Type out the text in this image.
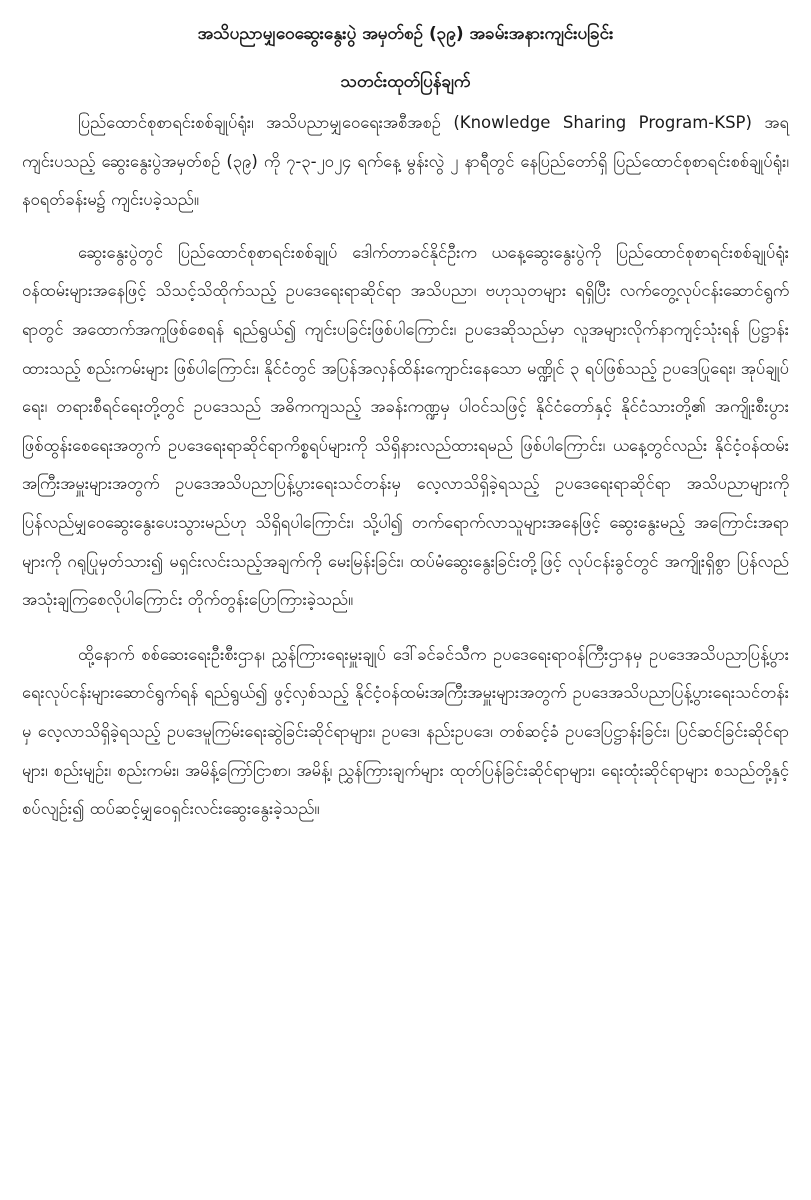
အသိပညာမျှဝေဆွေးနွေးပွဲ အမှတ်စဉ် (၃၉) အခမ်းအနားကျင်းပခြင်း
သတင်းထုတ်ပြန်ချက်

ပြည်ထောင်စုစာရင်းစစ်ချုပ်ရုံး၊ အသိပညာမျှဝေရေးအစီအစဉ် (Knowledge Sharing Program-KSP) အရ ကျင်းပသည့် ဆွေးနွေးပွဲအမှတ်စဉ် (၃၉) ကို ၇-၃-၂၀၂၄ ရက်နေ့ မွန်းလွဲ ၂ နာရီတွင် နေပြည်တော်ရှိ ပြည်ထောင်စုစာရင်းစစ်ချုပ်ရုံး၊ နဝရတ်ခန်းမ၌ ကျင်းပခဲ့သည်။

ဆွေးနွေးပွဲတွင် ပြည်ထောင်စုစာရင်းစစ်ချုပ် ဒေါက်တာခင်နိုင်ဦးက ယနေ့ဆွေးနွေးပွဲကို ပြည်ထောင်စုစာရင်းစစ်ချုပ်ရုံးဝန်ထမ်းများအနေဖြင့် သိသင့်သိထိုက်သည့် ဥပဒေရေးရာဆိုင်ရာ အသိပညာ၊ ဗဟုသုတများ ရရှိပြီး လက်တွေ့လုပ်ငန်းဆောင်ရွက်ရာတွင် အထောက်အကူဖြစ်စေရန် ရည်ရွယ်၍ ကျင်းပခြင်းဖြစ်ပါကြောင်း၊ ဥပဒေဆိုသည်မှာ လူအများလိုက်နာကျင့်သုံးရန် ပြဋ္ဌာန်းထားသည့် စည်းကမ်းများ ဖြစ်ပါကြောင်း၊ နိုင်ငံတွင် အပြန်အလှန်ထိန်းကျောင်းနေသော မဏ္ဍိုင် ၃ ရပ်ဖြစ်သည့် ဥပဒေပြုရေး၊ အုပ်ချုပ်ရေး၊ တရားစီရင်ရေးတို့တွင် ဥပဒေသည် အဓိကကျသည့် အခန်းကဏ္ဍမှ ပါဝင်သဖြင့် နိုင်ငံတော်နှင့် နိုင်ငံသားတို့၏ အကျိုးစီးပွားဖြစ်ထွန်းစေရေးအတွက် ဥပဒေရေးရာဆိုင်ရာကိစ္စရပ်များကို သိရှိနားလည်ထားရမည် ဖြစ်ပါကြောင်း၊ ယနေ့တွင်လည်း နိုင်ငံ့ဝန်ထမ်းအကြီးအမှူးများအတွက် ဥပဒေအသိပညာပြန့်ပွားရေးသင်တန်းမှ လေ့လာသိရှိခဲ့ရသည့် ဥပဒေရေးရာဆိုင်ရာ အသိပညာများကို ပြန်လည်မျှဝေဆွေးနွေးပေးသွားမည်ဟု သိရှိရပါကြောင်း၊ သို့ပါ၍ တက်ရောက်လာသူများအနေဖြင့် ဆွေးနွေးမည့် အကြောင်းအရာများကို ဂရုပြုမှတ်သား၍ မရှင်းလင်းသည့်အချက်ကို မေးမြန်းခြင်း၊ ထပ်မံဆွေးနွေးခြင်းတို့ဖြင့် လုပ်ငန်းခွင်တွင် အကျိုးရှိစွာ ပြန်လည်အသုံးချကြစေလိုပါကြောင်း တိုက်တွန်းပြောကြားခဲ့သည်။

ထို့နောက် စစ်ဆေးရေးဦးစီးဌာန၊ ညွှန်ကြားရေးမှူးချုပ် ဒေါ်ခင်ခင်သီက ဥပဒေရေးရာဝန်ကြီးဌာနမှ ဥပဒေအသိပညာပြန့်ပွားရေးလုပ်ငန်းများဆောင်ရွက်ရန် ရည်ရွယ်၍ ဖွင့်လှစ်သည့် နိုင်ငံ့ဝန်ထမ်းအကြီးအမှူးများအတွက် ဥပဒေအသိပညာပြန့်ပွားရေးသင်တန်းမှ လေ့လာသိရှိခဲ့ရသည့် ဥပဒေမူကြမ်းရေးဆွဲခြင်းဆိုင်ရာများ၊ ဥပဒေ၊ နည်းဥပဒေ၊ တစ်ဆင့်ခံ ဥပဒေပြဋ္ဌာန်းခြင်း၊ ပြင်ဆင်ခြင်းဆိုင်ရာများ၊ စည်းမျဉ်း၊ စည်းကမ်း၊ အမိန့်ကြော်ငြာစာ၊ အမိန့်၊ ညွှန်ကြားချက်များ ထုတ်ပြန်ခြင်းဆိုင်ရာများ၊ ရေးထုံးဆိုင်ရာများ စသည်တို့နှင့်စပ်လျဉ်း၍ ထပ်ဆင့်မျှဝေရှင်းလင်းဆွေးနွေးခဲ့သည်။
